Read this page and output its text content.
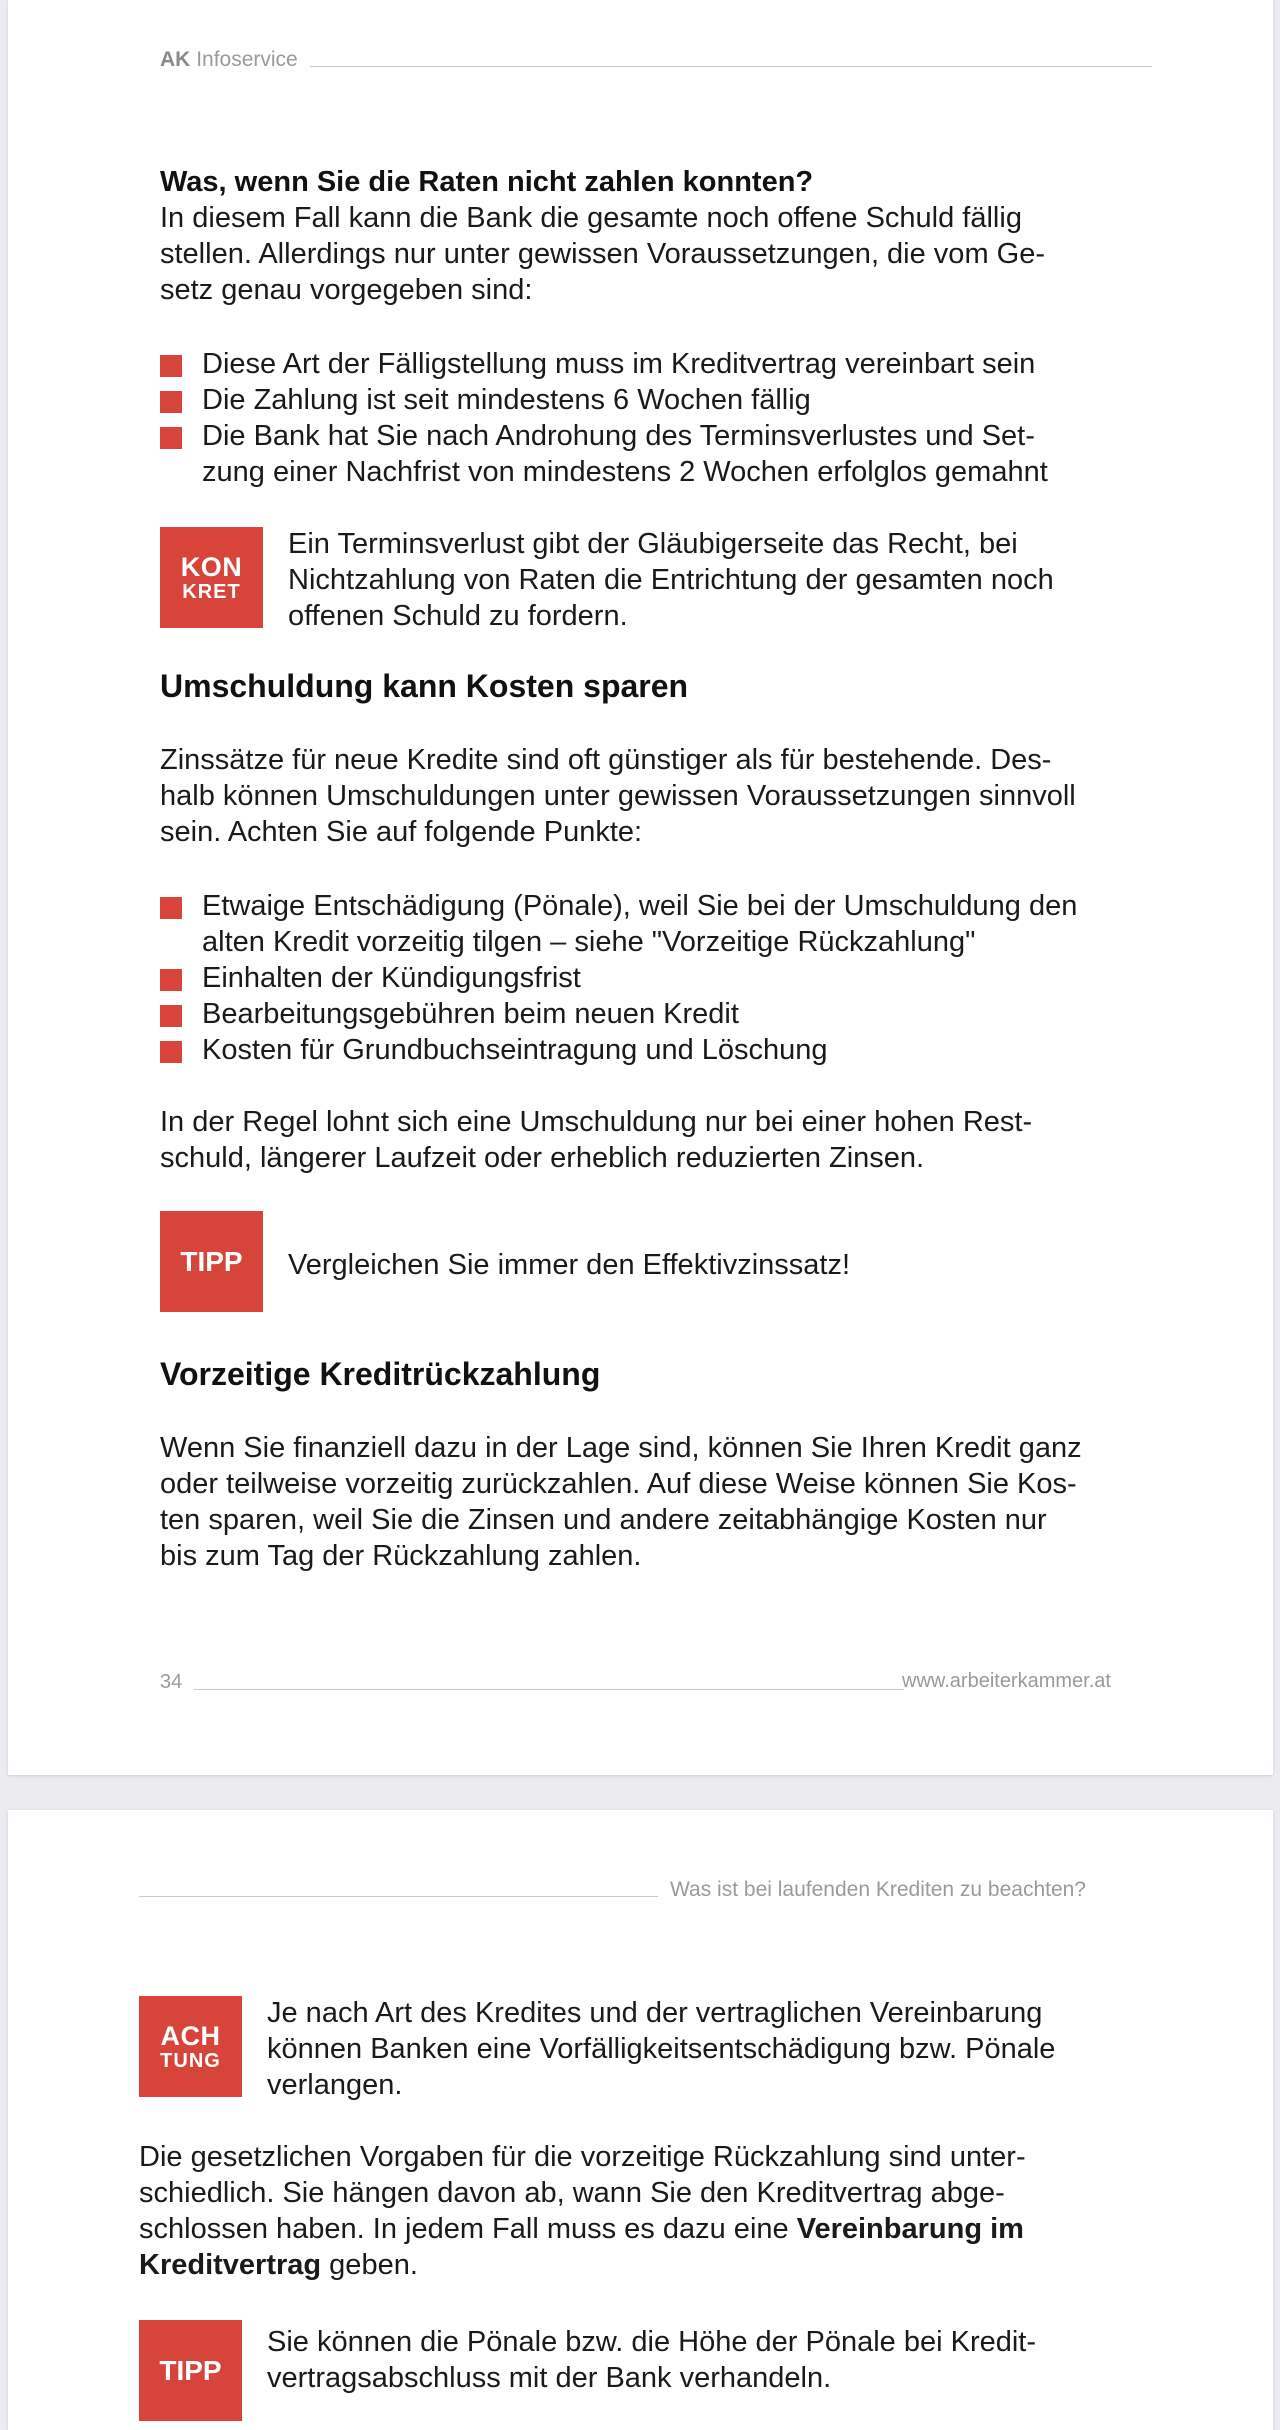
AK Infoservice
Was, wenn Sie die Raten nicht zahlen konnten?
In diesem Fall kann die Bank die gesamte noch offene Schuld fällig
stellen. Allerdings nur unter gewissen Voraussetzungen, die vom Ge-
setz genau vorgegeben sind:
Diese Art der Fälligstellung muss im Kreditvertrag vereinbart sein
Die Zahlung ist seit mindestens 6 Wochen fällig
Die Bank hat Sie nach Androhung des Terminsverlustes und Set-
zung einer Nachfrist von mindestens 2 Wochen erfolglos gemahnt
KON
KRET
Ein Terminsverlust gibt der Gläubigerseite das Recht, bei
Nichtzahlung von Raten die Entrichtung der gesamten noch
offenen Schuld zu fordern.
Umschuldung kann Kosten sparen
Zinssätze für neue Kredite sind oft günstiger als für bestehende. Des-
halb können Umschuldungen unter gewissen Voraussetzungen sinnvoll
sein. Achten Sie auf folgende Punkte:
Etwaige Entschädigung (Pönale), weil Sie bei der Umschuldung den
alten Kredit vorzeitig tilgen – siehe "Vorzeitige Rückzahlung"
Einhalten der Kündigungsfrist
Bearbeitungsgebühren beim neuen Kredit
Kosten für Grundbuchseintragung und Löschung
In der Regel lohnt sich eine Umschuldung nur bei einer hohen Rest-
schuld, längerer Laufzeit oder erheblich reduzierten Zinsen.
TIPP Vergleichen Sie immer den Effektivzinssatz!
Vorzeitige Kreditrückzahlung
Wenn Sie finanziell dazu in der Lage sind, können Sie Ihren Kredit ganz
oder teilweise vorzeitig zurückzahlen. Auf diese Weise können Sie Kos-
ten sparen, weil Sie die Zinsen und andere zeitabhängige Kosten nur
bis zum Tag der Rückzahlung zahlen.
34	www.arbeiterkammer.at
Was ist bei laufenden Krediten zu beachten?
ACH
TUNG
Je nach Art des Kredites und der vertraglichen Vereinbarung
können Banken eine Vorfälligkeitsentschädigung bzw. Pönale
verlangen.
Die gesetzlichen Vorgaben für die vorzeitige Rückzahlung sind unter-
schiedlich. Sie hängen davon ab, wann Sie den Kreditvertrag abge-
schlossen haben. In jedem Fall muss es dazu eine Vereinbarung im
Kreditvertrag geben.
TIPP
Sie können die Pönale bzw. die Höhe der Pönale bei Kredit-
vertragsabschluss mit der Bank verhandeln.
